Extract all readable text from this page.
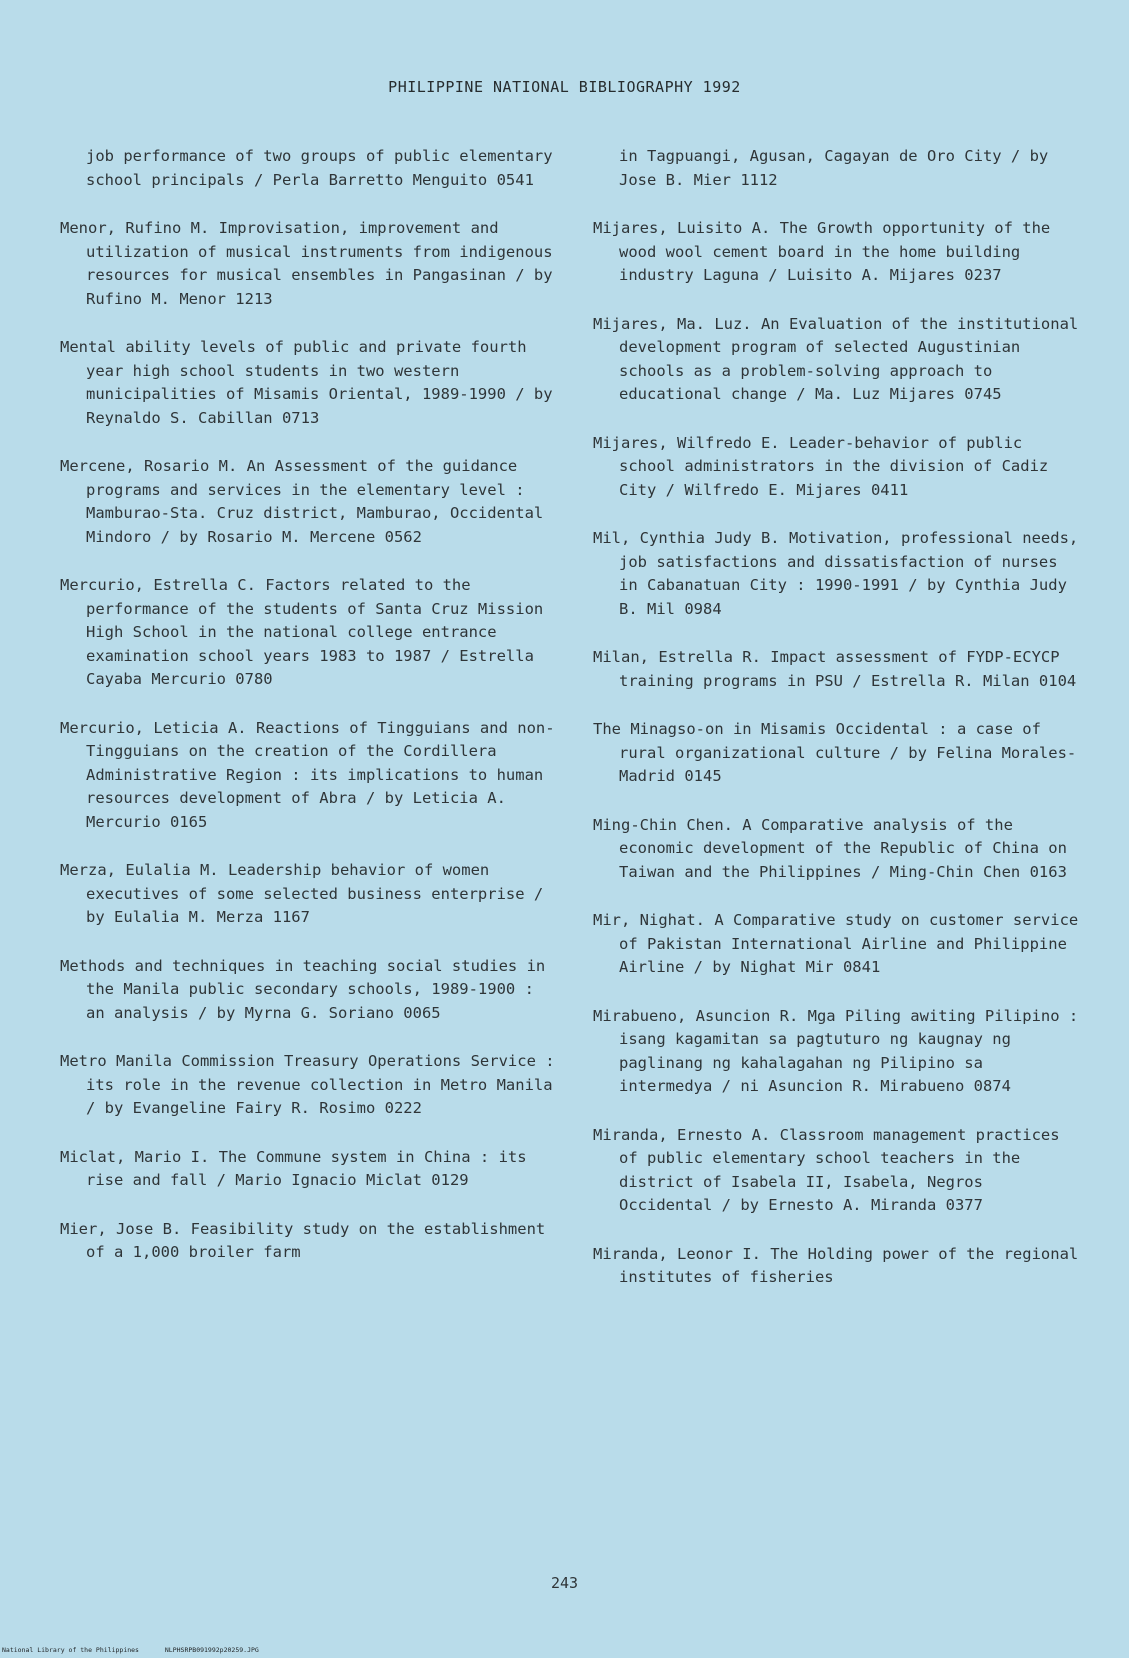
PHILIPPINE NATIONAL BIBLIOGRAPHY 1992

job performance of two groups of public elementary school principals / Perla Barretto Menguito 0541

Menor, Rufino M. Improvisation, improvement and utilization of musical instruments from indigenous resources for musical ensembles in Pangasinan / by Rufino M. Menor 1213

Mental ability levels of public and private fourth year high school students in two western municipalities of Misamis Oriental, 1989-1990 / by Reynaldo S. Cabillan 0713

Mercene, Rosario M. An Assessment of the guidance programs and services in the elementary level : Mamburao-Sta. Cruz district, Mamburao, Occidental Mindoro / by Rosario M. Mercene 0562

Mercurio, Estrella C. Factors related to the performance of the students of Santa Cruz Mission High School in the national college entrance examination school years 1983 to 1987 / Estrella Cayaba Mercurio 0780

Mercurio, Leticia A. Reactions of Tingguians and non-Tingguians on the creation of the Cordillera Administrative Region : its implications to human resources development of Abra / by Leticia A. Mercurio 0165

Merza, Eulalia M. Leadership behavior of women executives of some selected business enterprise / by Eulalia M. Merza 1167

Methods and techniques in teaching social studies in the Manila public secondary schools, 1989-1900 : an analysis / by Myrna G. Soriano 0065

Metro Manila Commission Treasury Operations Service : its role in the revenue collection in Metro Manila / by Evangeline Fairy R. Rosimo 0222

Miclat, Mario I. The Commune system in China : its rise and fall / Mario Ignacio Miclat 0129

Mier, Jose B. Feasibility study on the establishment of a 1,000 broiler farm

in Tagpuangi, Agusan, Cagayan de Oro City / by Jose B. Mier 1112

Mijares, Luisito A. The Growth opportunity of the wood wool cement board in the home building industry Laguna / Luisito A. Mijares 0237

Mijares, Ma. Luz. An Evaluation of the institutional development program of selected Augustinian schools as a problem-solving approach to educational change / Ma. Luz Mijares 0745

Mijares, Wilfredo E. Leader-behavior of public school administrators in the division of Cadiz City / Wilfredo E. Mijares 0411

Mil, Cynthia Judy B. Motivation, professional needs, job satisfactions and dissatisfaction of nurses in Cabanatuan City : 1990-1991 / by Cynthia Judy B. Mil 0984

Milan, Estrella R. Impact assessment of FYDP-ECYCP training programs in PSU / Estrella R. Milan 0104

The Minagso-on in Misamis Occidental : a case of rural organizational culture / by Felina Morales-Madrid 0145

Ming-Chin Chen. A Comparative analysis of the economic development of the Republic of China on Taiwan and the Philippines / Ming-Chin Chen 0163

Mir, Nighat. A Comparative study on customer service of Pakistan International Airline and Philippine Airline / by Nighat Mir 0841

Mirabueno, Asuncion R. Mga Piling awiting Pilipino : isang kagamitan sa pagtuturo ng kaugnay ng paglinang ng kahalagahan ng Pilipino sa intermedya / ni Asuncion R. Mirabueno 0874

Miranda, Ernesto A. Classroom management practices of public elementary school teachers in the district of Isabela II, Isabela, Negros Occidental / by Ernesto A. Miranda 0377

Miranda, Leonor I. The Holding power of the regional institutes of fisheries

243
National Library of the Philippines	NLPHSRPB091992p20259.JPG
